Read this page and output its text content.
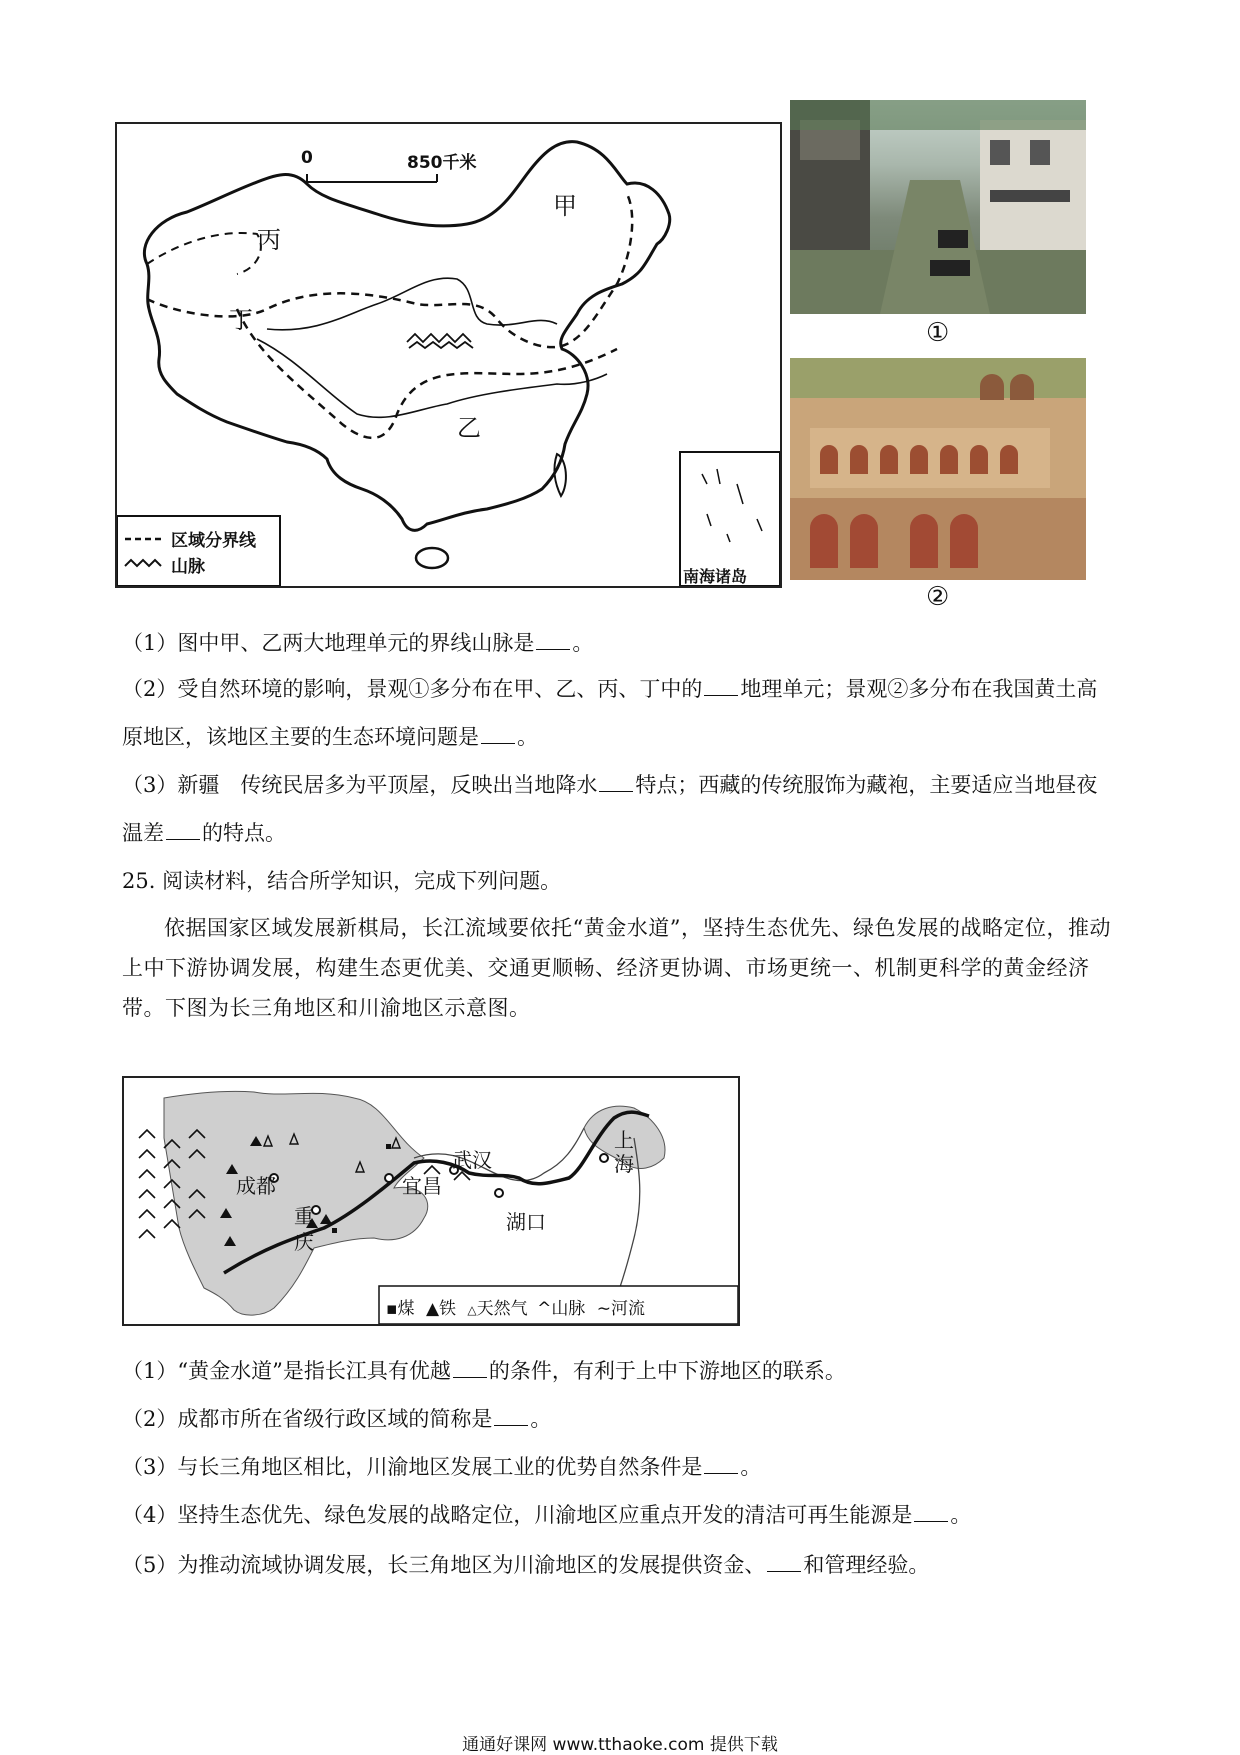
0	850千米
甲
丙
丁
乙
区域分界线
山脉	南海诸岛
①
②
（1）图中甲、乙两大地理单元的界线山脉是 。
（2）受自然环境的影响，景观①多分布在甲、乙、丙、丁中的 地理单元；景观②多分布在我国黄土高
原地区，该地区主要的生态环境问题是 。
（3）新疆　传统民居多为平顶屋，反映出当地降水 特点；西藏的传统服饰为藏袍，主要适应当地昼夜
温差 的特点。
25. 阅读材料，结合所学知识，完成下列问题。
依据国家区域发展新棋局，长江流域要依托“黄金水道”，坚持生态优先、绿色发展的战略定位，推动上中下游协调发展，构建生态更优美、交通更顺畅、经济更协调、市场更统一、机制更科学的黄金经济带。下图为长三角地区和川渝地区示意图。
成都
重
庆
宜昌
武汉
湖口
上
海
▪煤 ▲铁 △天然气 ^山脉 ∼河流
（1）“黄金水道”是指长江具有优越 的条件，有利于上中下游地区的联系。
（2）成都市所在省级行政区域的简称是 。
（3）与长三角地区相比，川渝地区发展工业的优势自然条件是 。
（4）坚持生态优先、绿色发展的战略定位，川渝地区应重点开发的清洁可再生能源是 。
（5）为推动流域协调发展，长三角地区为川渝地区的发展提供资金、 和管理经验。
通通好课网 www.tthaoke.com 提供下载
